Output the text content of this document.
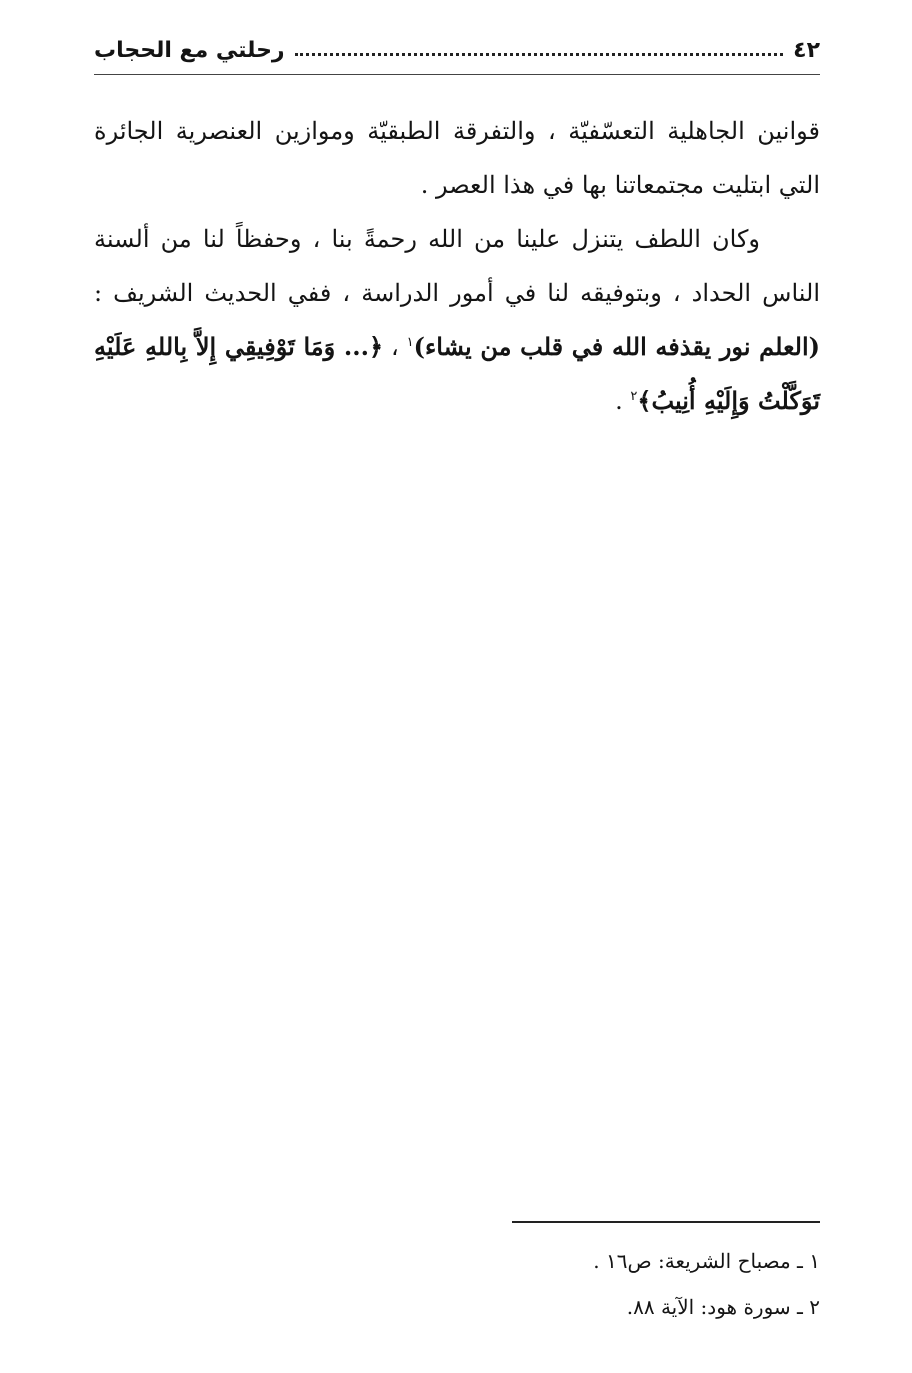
٤٢
رحلتي مع الحجاب

قوانين الجاهلية التعسّفيّة ، والتفرقة الطبقيّة وموازين العنصرية الجائرة التي ابتليت مجتمعاتنا بها في هذا العصر .

وكان اللطف يتنزل علينا من الله رحمةً بنا ، وحفظاً لنا من ألسنة الناس الحداد ، وبتوفيقه لنا في أمور الدراسة ، ففي الحديث الشريف : (العلم نور يقذفه الله في قلب من يشاء)$^١$ ، ﴿... وَمَا تَوْفِيقِي إِلاَّ بِاللهِ عَلَيْهِ تَوَكَّلْتُ وَإِلَيْهِ أُنِيبُ﴾$^٢$ .

١ ـ مصباح الشريعة: ص١٦ .
٢ ـ سورة هود: الآية ٨٨.
